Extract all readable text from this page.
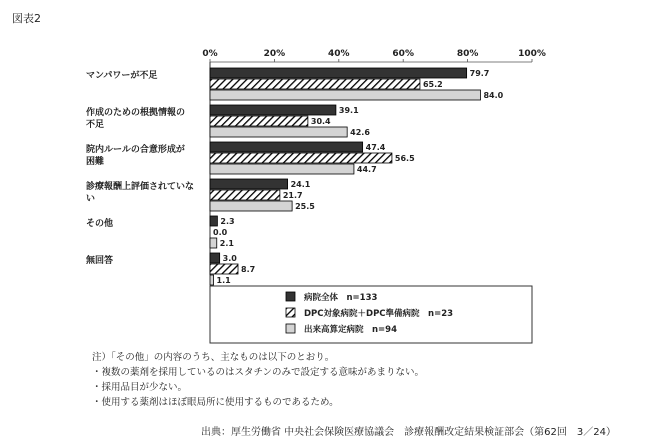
図表2
0%	20%	40%	60%	80%	100%
マンパワーが不足
作成のための根拠情報の不足
院内ルールの合意形成が困難
診療報酬上評価されていない
その他
無回答
79.7
65.2
84.0
39.1
30.4
42.6
47.4
56.5
44.7
24.1
21.7
25.5
2.3
0.0
2.1
3.0
8.7
1.1
病院全体　n=133
DPC対象病院＋DPC準備病院　n=23
出来高算定病院　n=94
注）「その他」の内容のうち、主なものは以下のとおり。
・複数の薬剤を採用しているのはスタチンのみで設定する意味があまりない。
・採用品目が少ない。
・使用する薬剤はほぼ眼局所に使用するものであるため。
出典：厚生労働省 中央社会保険医療協議会　診療報酬改定結果検証部会（第62回　3／24）
